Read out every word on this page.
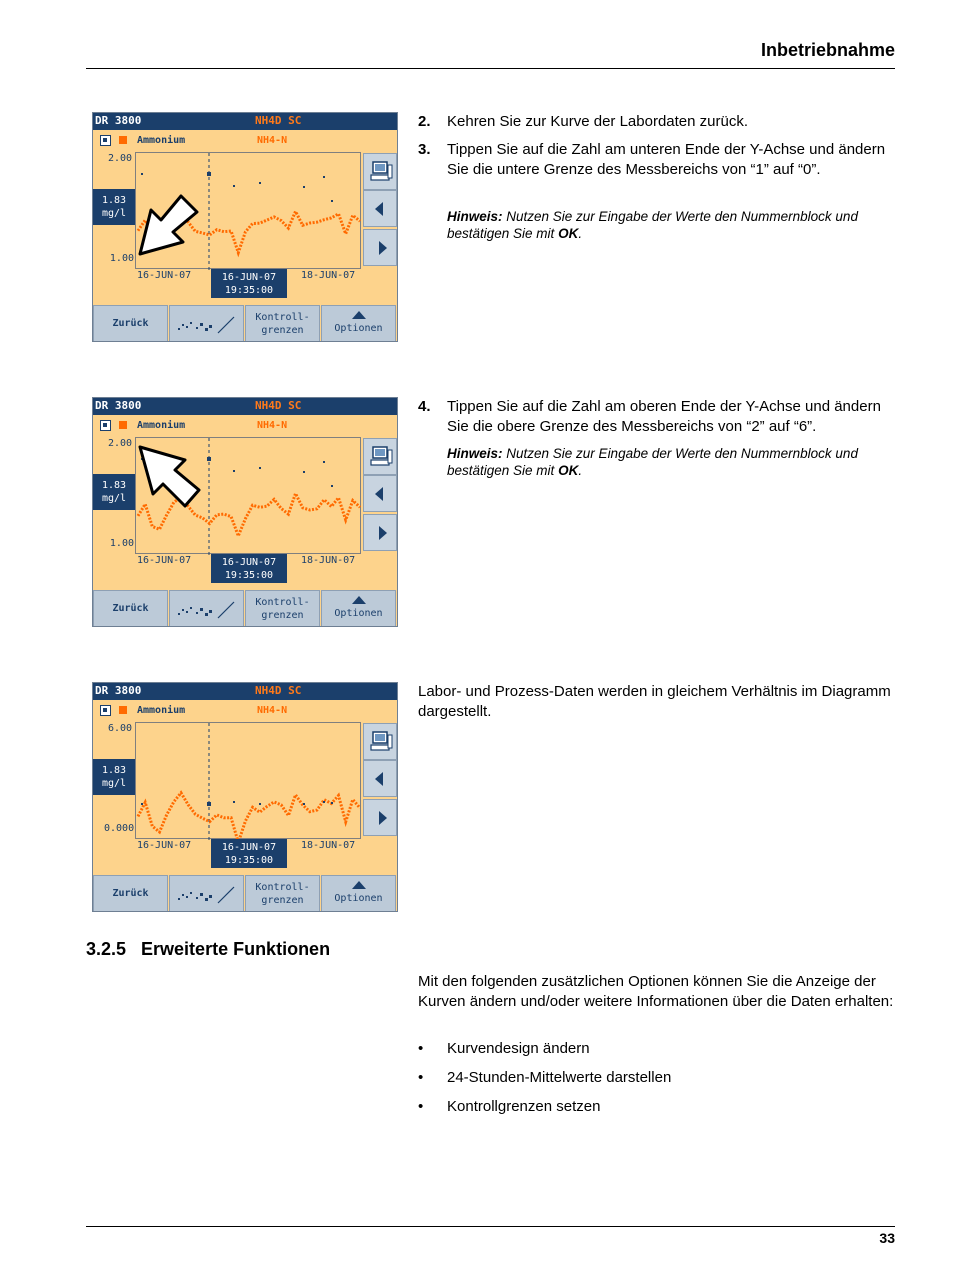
Inbetriebnahme
DR 3800	NH4D SC
Ammonium	NH4-N
2.00
1.83
mg/l
1.00
16-JUN-07	16-JUN-07
19:35:00
18-JUN-07
Zurück
Kontroll-
grenzen	Optionen
DR 3800	NH4D SC
Ammonium	NH4-N
2.00
1.83
mg/l
1.00
16-JUN-07	16-JUN-07
19:35:00
18-JUN-07
Zurück
Kontroll-
grenzen	Optionen
DR 3800	NH4D SC
Ammonium	NH4-N
6.00
1.83
mg/l
0.000
16-JUN-07	16-JUN-07
19:35:00
18-JUN-07
Zurück
Kontroll-
grenzen	Optionen
2. Kehren Sie zur Kurve der Labordaten zurück.
3. Tippen Sie auf die Zahl am unteren Ende der Y-Achse und ändern Sie die untere Grenze des Messbereichs von “1” auf “0”.
Hinweis: Nutzen Sie zur Eingabe der Werte den Nummernblock und bestätigen Sie mit OK.
4. Tippen Sie auf die Zahl am oberen Ende der Y-Achse und ändern Sie die obere Grenze des Messbereichs von “2” auf “6”.
Hinweis: Nutzen Sie zur Eingabe der Werte den Nummernblock und bestätigen Sie mit OK.
Labor- und Prozess-Daten werden in gleichem Verhältnis im Diagramm dargestellt.
3.2.5   Erweiterte Funktionen
Mit den folgenden zusätzlichen Optionen können Sie die Anzeige der Kurven ändern und/oder weitere Informationen über die Daten erhalten:
• Kurvendesign ändern
• 24-Stunden-Mittelwerte darstellen
• Kontrollgrenzen setzen
33
